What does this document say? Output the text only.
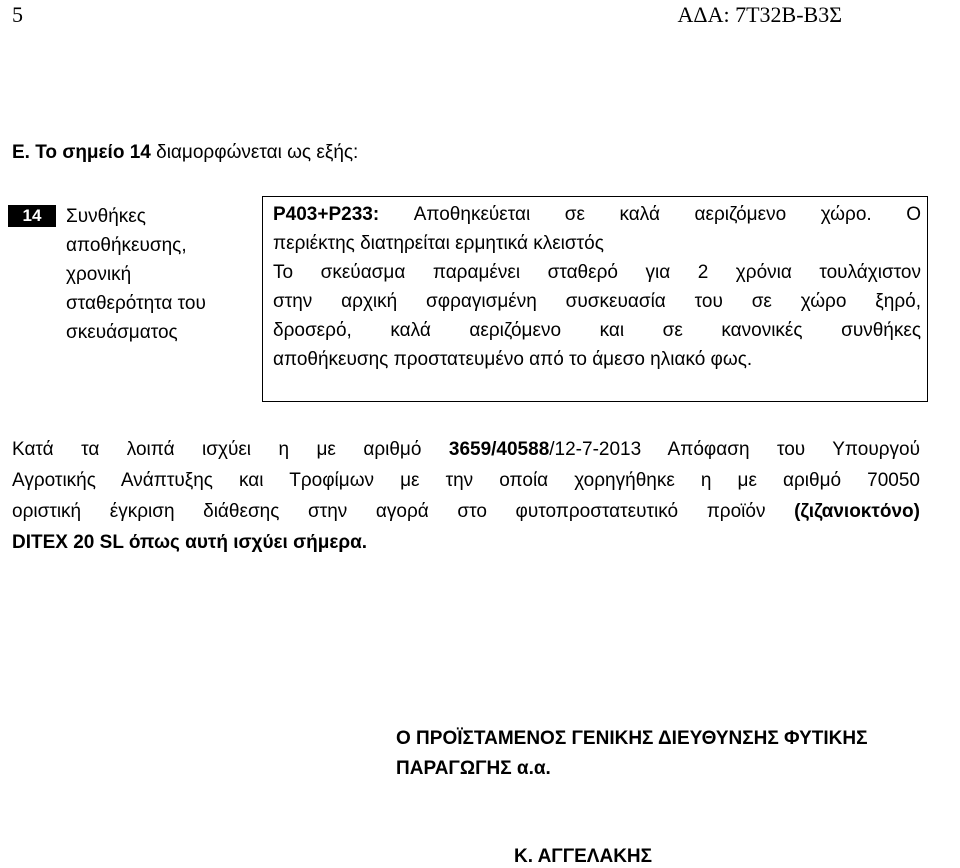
5	ΑΔΑ: 7Τ32Β-Β3Σ
Ε. Το σημείο 14 διαμορφώνεται ως εξής:
14	Συνθήκες
αποθήκευσης,
χρονική
σταθερότητα του
σκευάσματος
P403+P233: Αποθηκεύεται σε καλά αεριζόμενο χώρο. Ο
περιέκτης διατηρείται ερμητικά κλειστός
Το σκεύασμα παραμένει σταθερό για 2 χρόνια τουλάχιστον
στην αρχική σφραγισμένη συσκευασία του σε χώρο ξηρό,
δροσερό, καλά αεριζόμενο και σε κανονικές συνθήκες
αποθήκευσης προστατευμένο από το άμεσο ηλιακό φως.
Κατά τα λοιπά ισχύει η με αριθμό 3659/40588/12-7-2013 Απόφαση του Υπουργού
Αγροτικής Ανάπτυξης και Τροφίμων με την οποία χορηγήθηκε η με αριθμό 70050
οριστική έγκριση διάθεσης στην αγορά στο φυτοπροστατευτικό προϊόν (ζιζανιοκτόνο)
DITEX 20 SL όπως αυτή ισχύει σήμερα.
Ο ΠΡΟΪΣΤΑΜΕΝΟΣ ΓΕΝΙΚΗΣ ΔΙΕΥΘΥΝΣΗΣ ΦΥΤΙΚΗΣ
ΠΑΡΑΓΩΓΗΣ α.α.
Κ. ΑΓΓΕΛΑΚΗΣ
